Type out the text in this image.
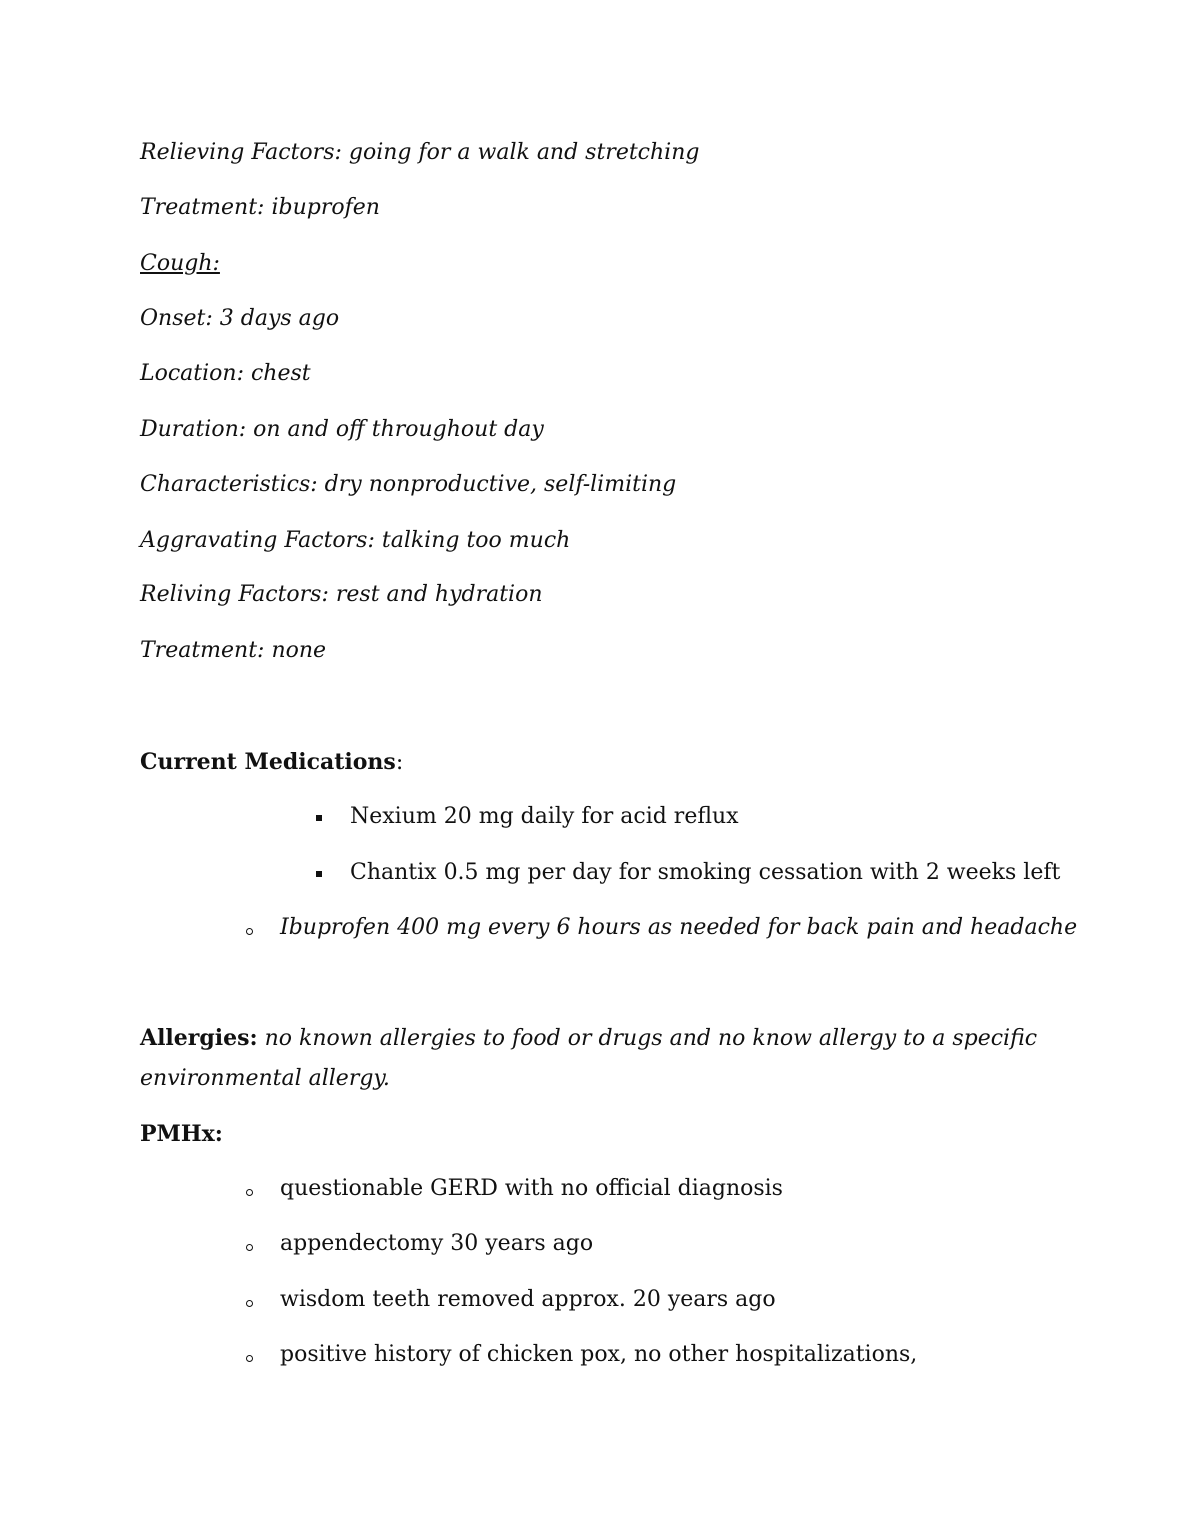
Relieving Factors: going for a walk and stretching
Treatment: ibuprofen
Cough:
Onset: 3 days ago
Location: chest
Duration: on and off throughout day
Characteristics: dry nonproductive, self-limiting
Aggravating Factors: talking too much
Reliving Factors: rest and hydration
Treatment: none
Current Medications:
Nexium 20 mg daily for acid reflux
Chantix 0.5 mg per day for smoking cessation with 2 weeks left
Ibuprofen 400 mg every 6 hours as needed for back pain and headache
Allergies: no known allergies to food or drugs and no know allergy to a specific environmental allergy.
PMHx:
questionable GERD with no official diagnosis
appendectomy 30 years ago
wisdom teeth removed approx. 20 years ago
positive history of chicken pox, no other hospitalizations,
